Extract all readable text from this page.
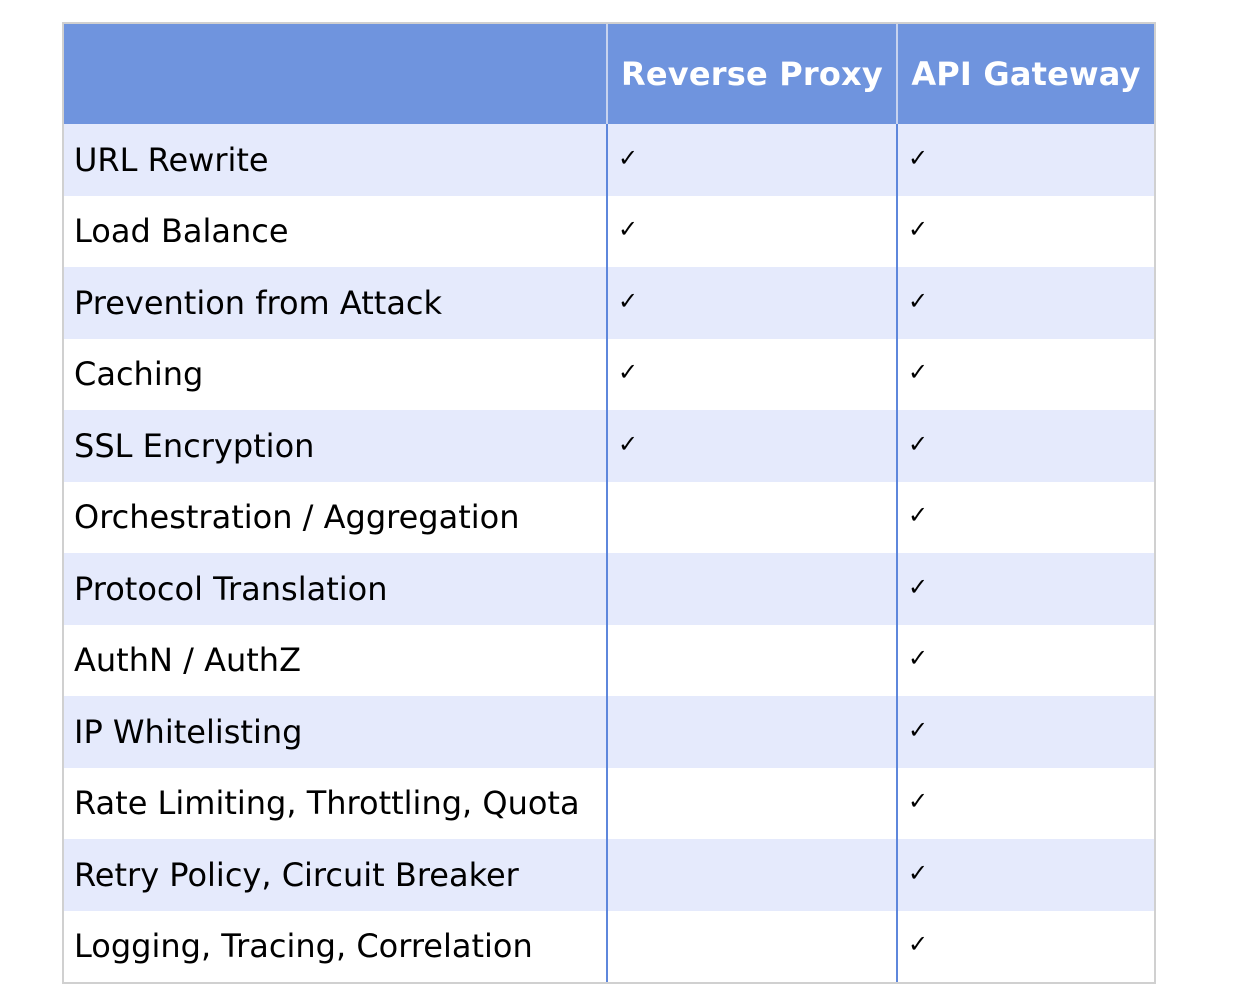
	Reverse Proxy	API Gateway
URL Rewrite	✓	✓
Load Balance	✓	✓
Prevention from Attack	✓	✓
Caching	✓	✓
SSL Encryption	✓	✓
Orchestration / Aggregation		✓
Protocol Translation		✓
AuthN / AuthZ		✓
IP Whitelisting		✓
Rate Limiting, Throttling, Quota		✓
Retry Policy, Circuit Breaker		✓
Logging, Tracing, Correlation		✓
